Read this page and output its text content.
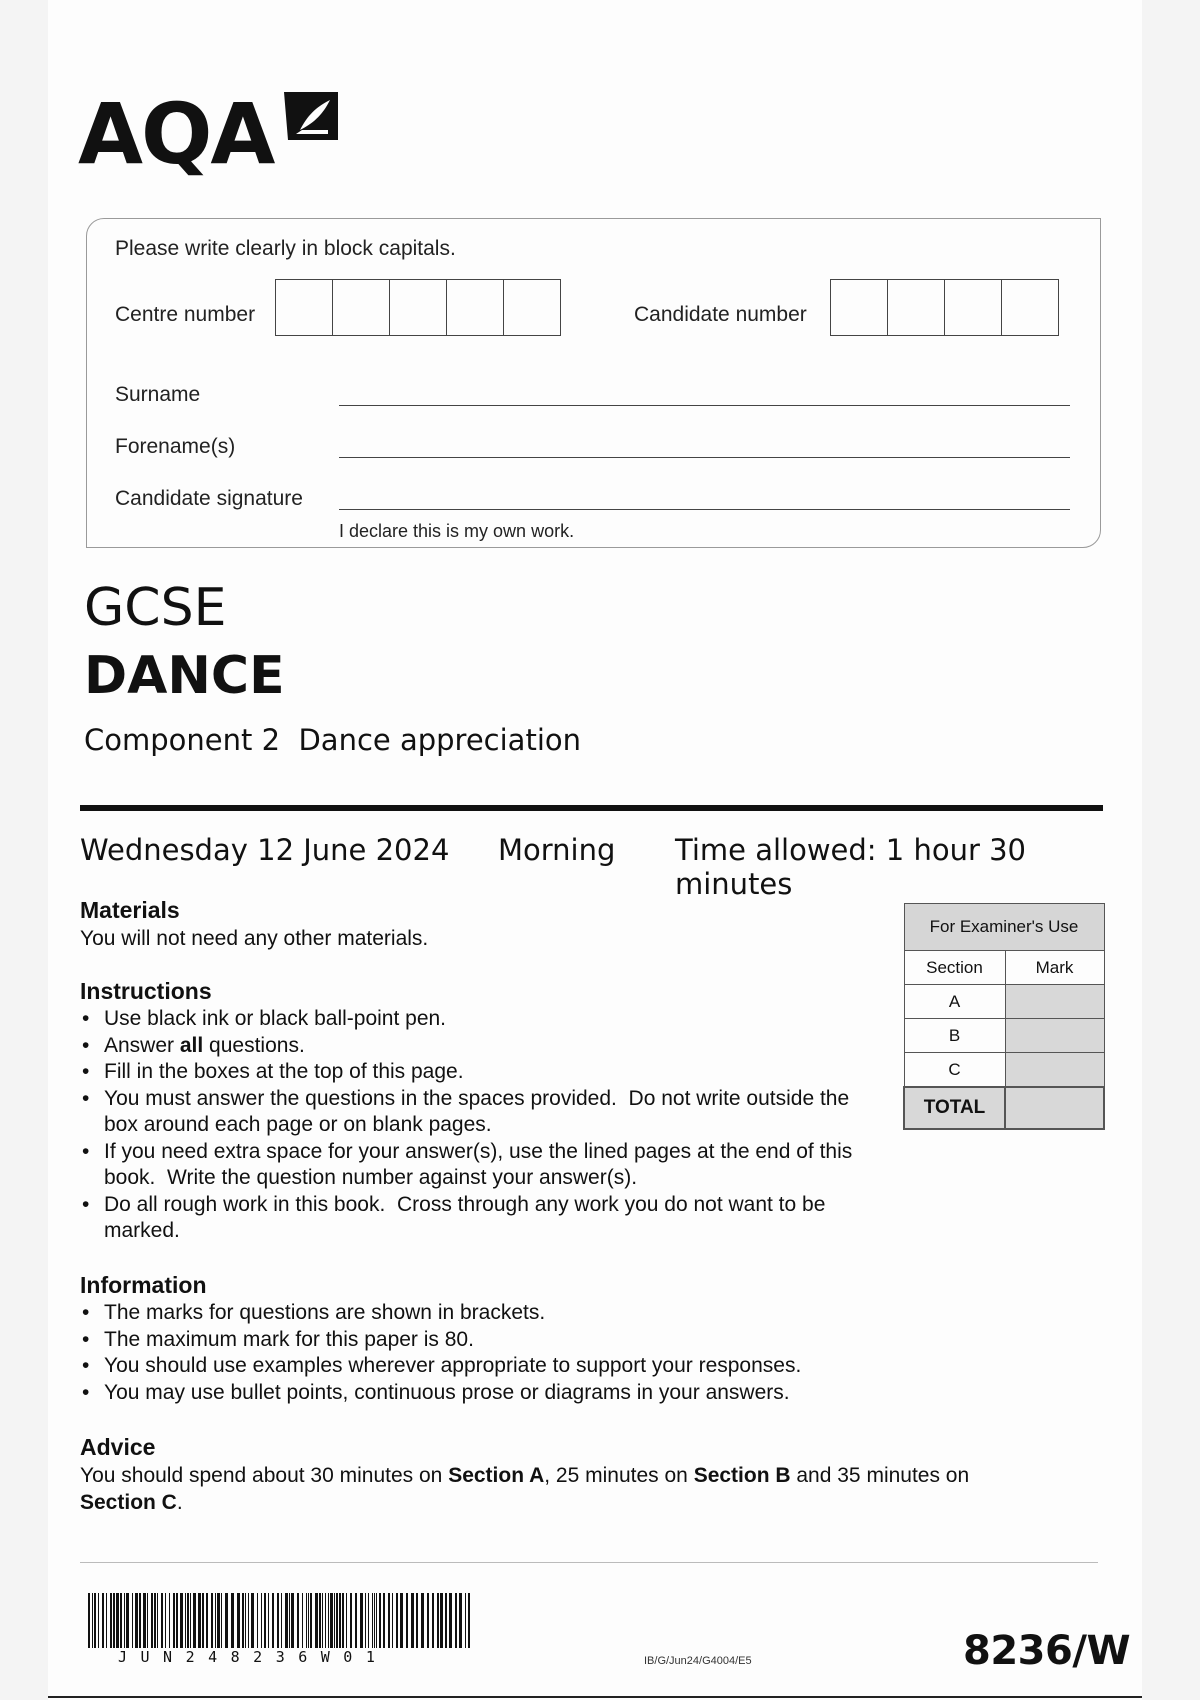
AQA
Please write clearly in block capitals.
Centre number	Candidate number
Surname
Forename(s)
Candidate signature
I declare this is my own work.
GCSE
DANCE
Component 2  Dance appreciation
Wednesday 12 June 2024 Morning Time allowed: 1 hour 30 minutes
Materials
You will not need any other materials.
Instructions
• Use black ink or black ball-point pen.
• Answer all questions.
• Fill in the boxes at the top of this page.
• You must answer the questions in the spaces provided.  Do not write outside the box around each page or on blank pages.
• If you need extra space for your answer(s), use the lined pages at the end of this book.  Write the question number against your answer(s).
• Do all rough work in this book.  Cross through any work you do not want to be marked.
Information
• The marks for questions are shown in brackets.
• The maximum mark for this paper is 80.
• You should use examples wherever appropriate to support your responses.
• You may use bullet points, continuous prose or diagrams in your answers.
Advice
You should spend about 30 minutes on Section A, 25 minutes on Section B and 35 minutes on Section C.
For Examiner's Use	
Section	Mark
A	
B	
C	
TOTAL	
JUN248236W01	IB/G/Jun24/G4004/E5	8236/W
